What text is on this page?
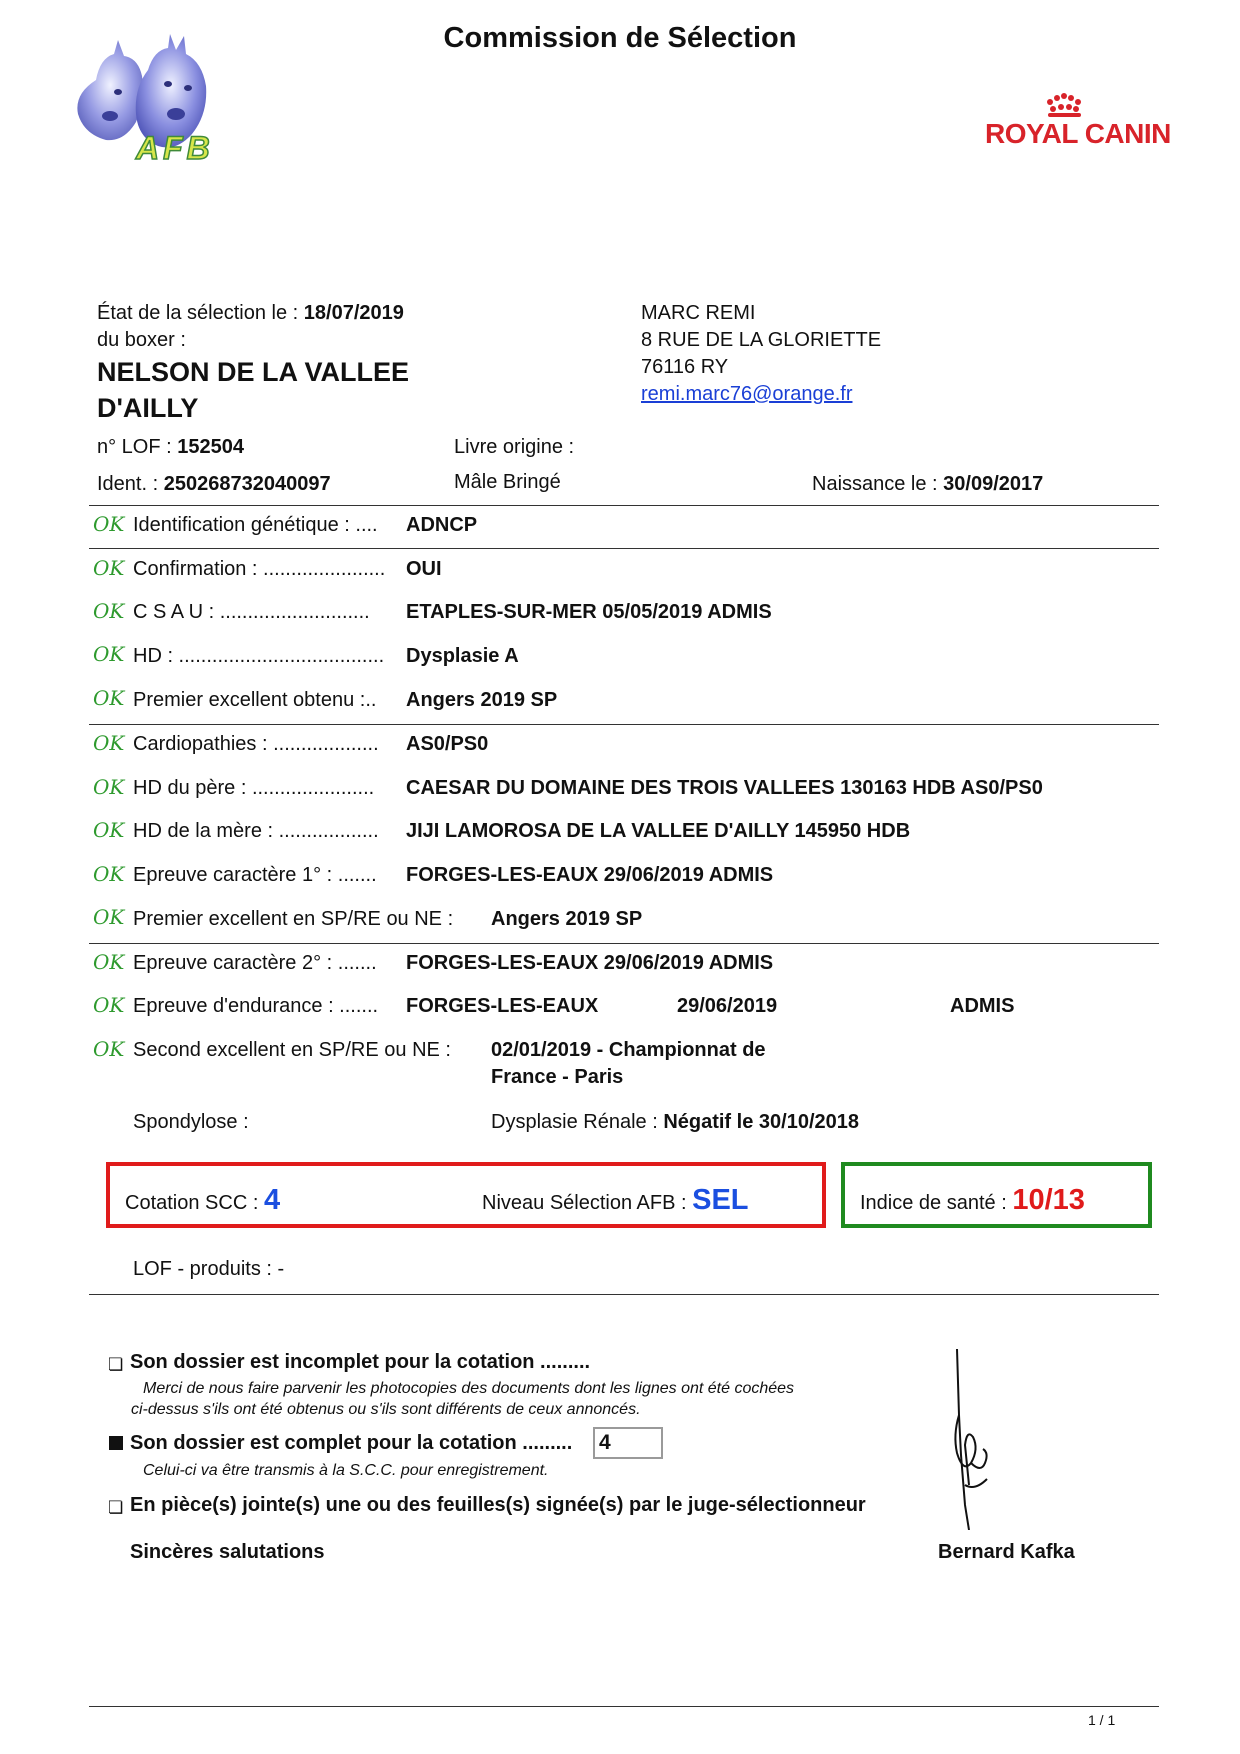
Commission de Sélection
AFB	ROYAL CANIN
État de la sélection le : 18/07/2019
du boxer :
NELSON DE LA VALLEE
D'AILLY
MARC REMI
8 RUE DE LA GLORIETTE
76116 RY
remi.marc76@orange.fr
n° LOF : 152504	Livre origine :
Ident. : 250268732040097	Mâle Bringé	Naissance le : 30/09/2017
OK Identification génétique : .... ADNCP
OK Confirmation : ...................... OUI
OK C S A U : ........................... ETAPLES-SUR-MER 05/05/2019 ADMIS
OK HD : ..................................... Dysplasie A
OK Premier excellent obtenu :.. Angers 2019 SP
OK Cardiopathies : ................... AS0/PS0
OK HD du père : ...................... CAESAR DU DOMAINE DES TROIS VALLEES 130163 HDB AS0/PS0
OK HD de la mère : .................. JIJI LAMOROSA DE LA VALLEE D'AILLY 145950 HDB
OK Epreuve caractère 1° : ....... FORGES-LES-EAUX 29/06/2019 ADMIS
OK Premier excellent en SP/RE ou NE : Angers 2019 SP
OK Epreuve caractère 2° : ....... FORGES-LES-EAUX 29/06/2019 ADMIS
OK Epreuve d'endurance : ....... FORGES-LES-EAUX	29/06/2019	ADMIS
OK Second excellent en SP/RE ou NE : 02/01/2019 - Championnat de
France - Paris
Spondylose :	Dysplasie Rénale : Négatif le 30/10/2018
Cotation SCC : 4	Niveau Sélection AFB : SEL	Indice de santé : 10/13
LOF - produits : -
❏ Son dossier est incomplet pour la cotation .........
Merci de nous faire parvenir les photocopies des documents dont les lignes ont été cochées
ci-dessus s'ils ont été obtenus ou s'ils sont différents de ceux annoncés.
Son dossier est complet pour la cotation ......... 4
Celui-ci va être transmis à la S.C.C. pour enregistrement.
❏ En pièce(s) jointe(s) une ou des feuilles(s) signée(s) par le juge-sélectionneur
Sincères salutations	Bernard Kafka
1 / 1
